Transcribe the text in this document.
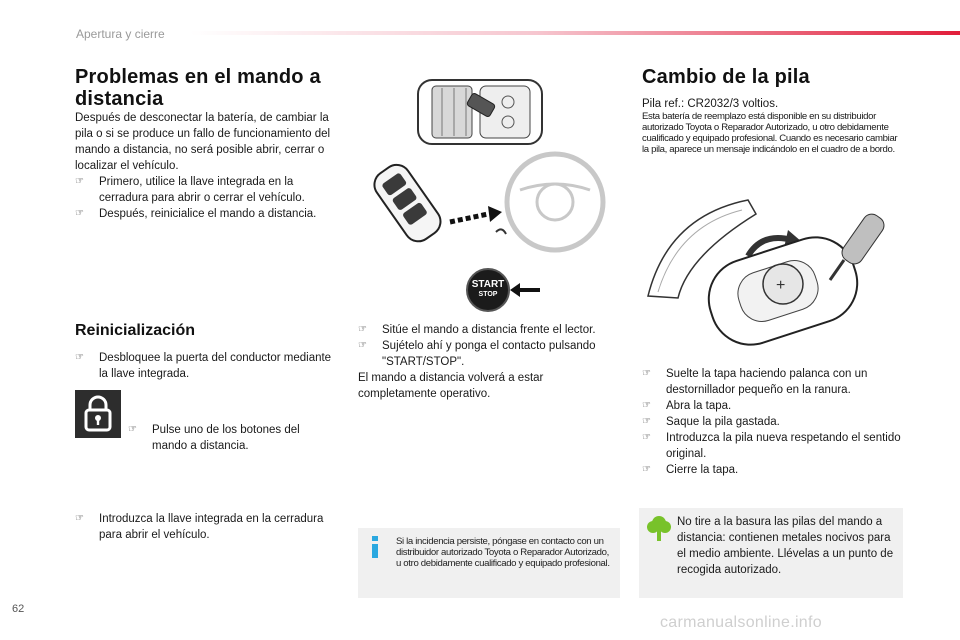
Apertura y cierre
Problemas en el mando a distancia
Después de desconectar la batería, de cambiar la pila o si se produce un fallo de funcionamiento del mando a distancia, no será posible abrir, cerrar o localizar el vehículo.
☞ Primero, utilice la llave integrada en la cerradura para abrir o cerrar el vehículo.
☞ Después, reinicialice el mando a distancia.
Reinicialización
☞ Desbloquee la puerta del conductor mediante la llave integrada.
☞ Pulse uno de los botones del mando a distancia.
☞ Introduzca la llave integrada en la cerradura para abrir el vehículo.
START
STOP
☞ Sitúe el mando a distancia frente el lector.
☞ Sujételo ahí y ponga el contacto pulsando "START/STOP".
El mando a distancia volverá a estar completamente operativo.
Si la incidencia persiste, póngase en contacto con un distribuidor autorizado Toyota o Reparador Autorizado, u otro debidamente cualificado y equipado profesional.
Cambio de la pila
Pila ref.: CR2032/3 voltios.
Esta batería de reemplazo está disponible en su distribuidor autorizado Toyota o Reparador Autorizado, u otro debidamente cualificado y equipado profesional. Cuando es necesario cambiar la pila, aparece un mensaje indicándolo en el cuadro de a bordo.
+
☞ Suelte la tapa haciendo palanca con un destornillador pequeño en la ranura.
☞ Abra la tapa.
☞ Saque la pila gastada.
☞ Introduzca la pila nueva respetando el sentido original.
☞ Cierre la tapa.
No tire a la basura las pilas del mando a distancia: contienen metales nocivos para el medio ambiente. Llévelas a un punto de recogida autorizado.
62
carmanualsonline.info
